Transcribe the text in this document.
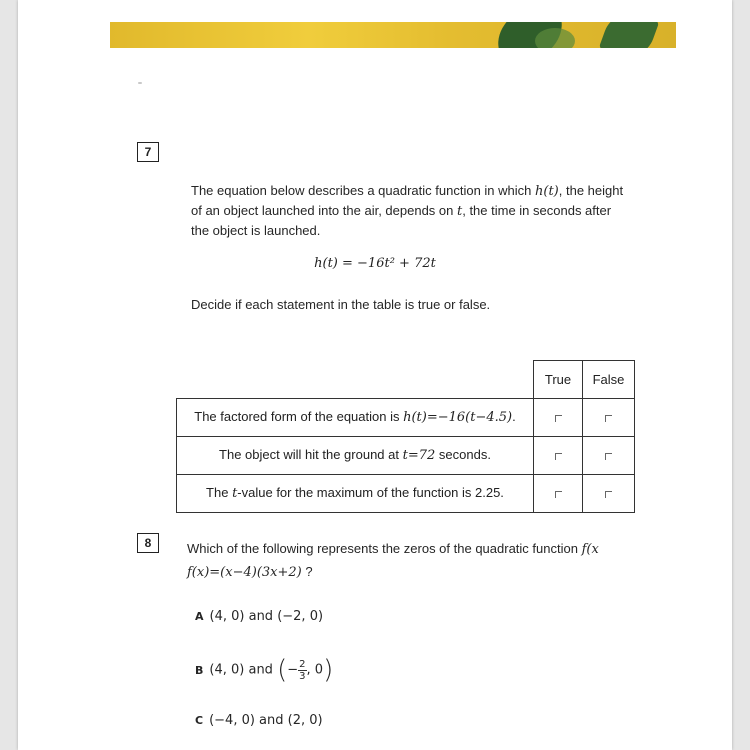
7
The equation below describes a quadratic function in which h(t), the height of an object launched into the air, depends on t, the time in seconds after the object is launched.
h(t) = −16t² + 72t
Decide if each statement in the table is true or false.
	True	False
The factored form of the equation is h(t)=−16(t−4.5).		
The object will hit the ground at t=72 seconds.		
The t-value for the maximum of the function is 2.25.		
8	Which of the following represents the zeros of the quadratic function f(x
f(x)=(x−4)(3x+2) ?
A (4, 0) and (−2, 0)
B (4, 0) and (− $\frac{2}{3}$ , 0)
C (−4, 0) and (2, 0)
